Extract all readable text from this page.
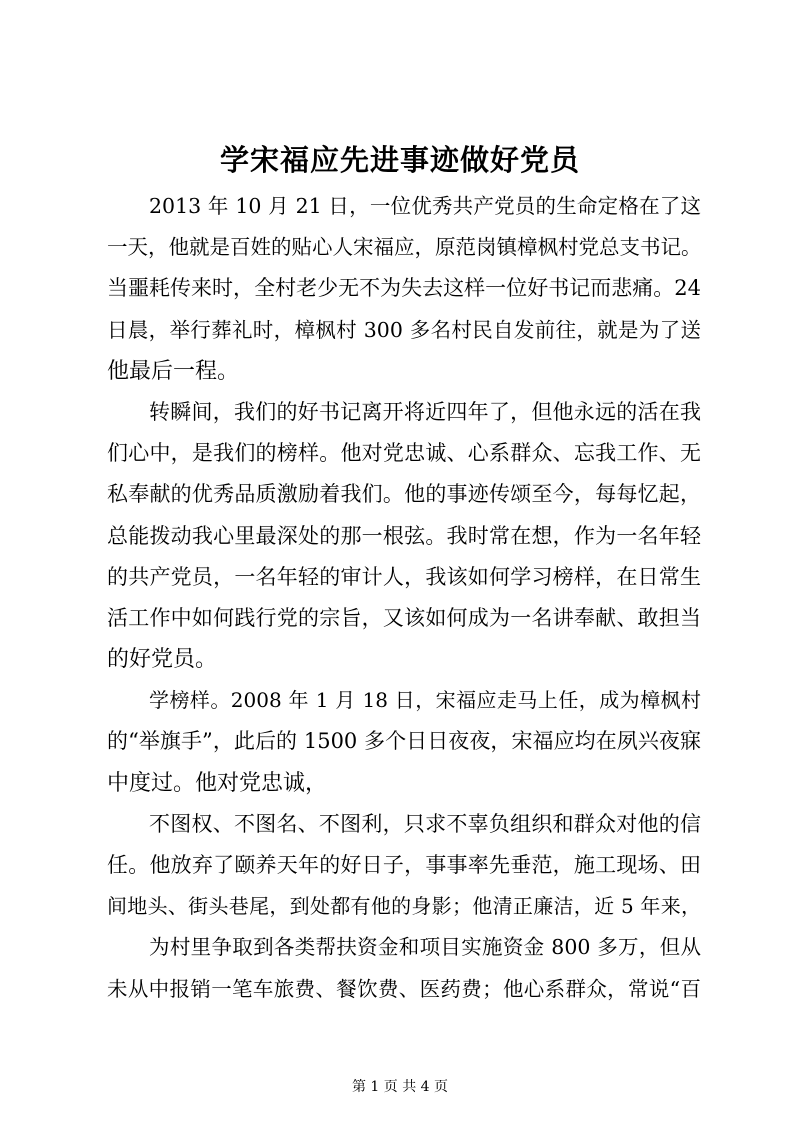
学宋福应先进事迹做好党员
2013 年 10 月 21 日，一位优秀共产党员的生命定格在了这
一天，他就是百姓的贴心人宋福应，原范岗镇樟枫村党总支书记。
当噩耗传来时，全村老少无不为失去这样一位好书记而悲痛。24
日晨，举行葬礼时，樟枫村 300 多名村民自发前往，就是为了送
他最后一程。
转瞬间，我们的好书记离开将近四年了，但他永远的活在我
们心中，是我们的榜样。他对党忠诚、心系群众、忘我工作、无
私奉献的优秀品质激励着我们。他的事迹传颂至今，每每忆起，
总能拨动我心里最深处的那一根弦。我时常在想，作为一名年轻
的共产党员，一名年轻的审计人，我该如何学习榜样，在日常生
活工作中如何践行党的宗旨，又该如何成为一名讲奉献、敢担当
的好党员。
学榜样。2008 年 1 月 18 日，宋福应走马上任，成为樟枫村
的“举旗手”，此后的 1500 多个日日夜夜，宋福应均在夙兴夜寐
中度过。他对党忠诚，
不图权、不图名、不图利，只求不辜负组织和群众对他的信
任。他放弃了颐养天年的好日子，事事率先垂范，施工现场、田
间地头、街头巷尾，到处都有他的身影；他清正廉洁，近 5 年来，
为村里争取到各类帮扶资金和项目实施资金 800 多万，但从
未从中报销一笔车旅费、餐饮费、医药费；他心系群众，常说“百
第 1 页 共 4 页
